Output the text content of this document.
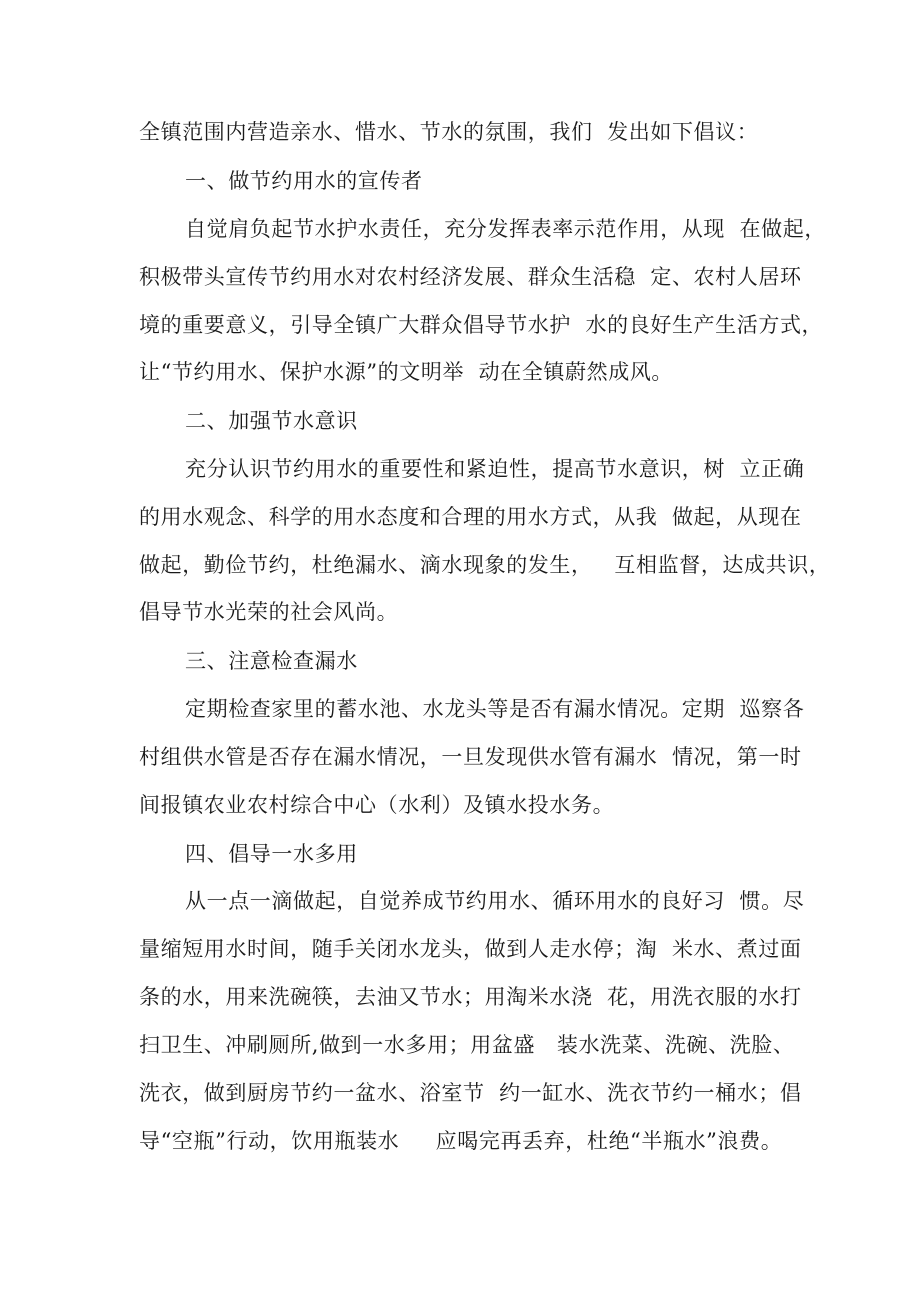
全镇范围内营造亲水、惜水、节水的氛围，我们  发出如下倡议：
一、做节约用水的宣传者
自觉肩负起节水护水责任，充分发挥表率示范作用，从现  在做起，
积极带头宣传节约用水对农村经济发展、群众生活稳  定、农村人居环
境的重要意义，引导全镇广大群众倡导节水护  水的良好生产生活方式，
让“节约用水、保护水源”的文明举  动在全镇蔚然成风。
二、加强节水意识
充分认识节约用水的重要性和紧迫性，提高节水意识，树  立正确
的用水观念、科学的用水态度和合理的用水方式，从我  做起，从现在
做起，勤俭节约，杜绝漏水、滴水现象的发生，   互相监督，达成共识，
倡导节水光荣的社会风尚。
三、注意检查漏水
定期检查家里的蓄水池、水龙头等是否有漏水情况。定期  巡察各
村组供水管是否存在漏水情况，一旦发现供水管有漏水  情况，第一时
间报镇农业农村综合中心（水利）及镇水投水务。
四、倡导一水多用
从一点一滴做起，自觉养成节约用水、循环用水的良好习  惯。尽
量缩短用水时间，随手关闭水龙头，做到人走水停；淘  米水、煮过面
条的水，用来洗碗筷，去油又节水；用淘米水浇  花，用洗衣服的水打
扫卫生、冲刷厕所,做到一水多用；用盆盛   装水洗菜、洗碗、洗脸、
洗衣，做到厨房节约一盆水、浴室节  约一缸水、洗衣节约一桶水；倡
导“空瓶”行动，饮用瓶装水     应喝完再丢弃，杜绝“半瓶水”浪费。
